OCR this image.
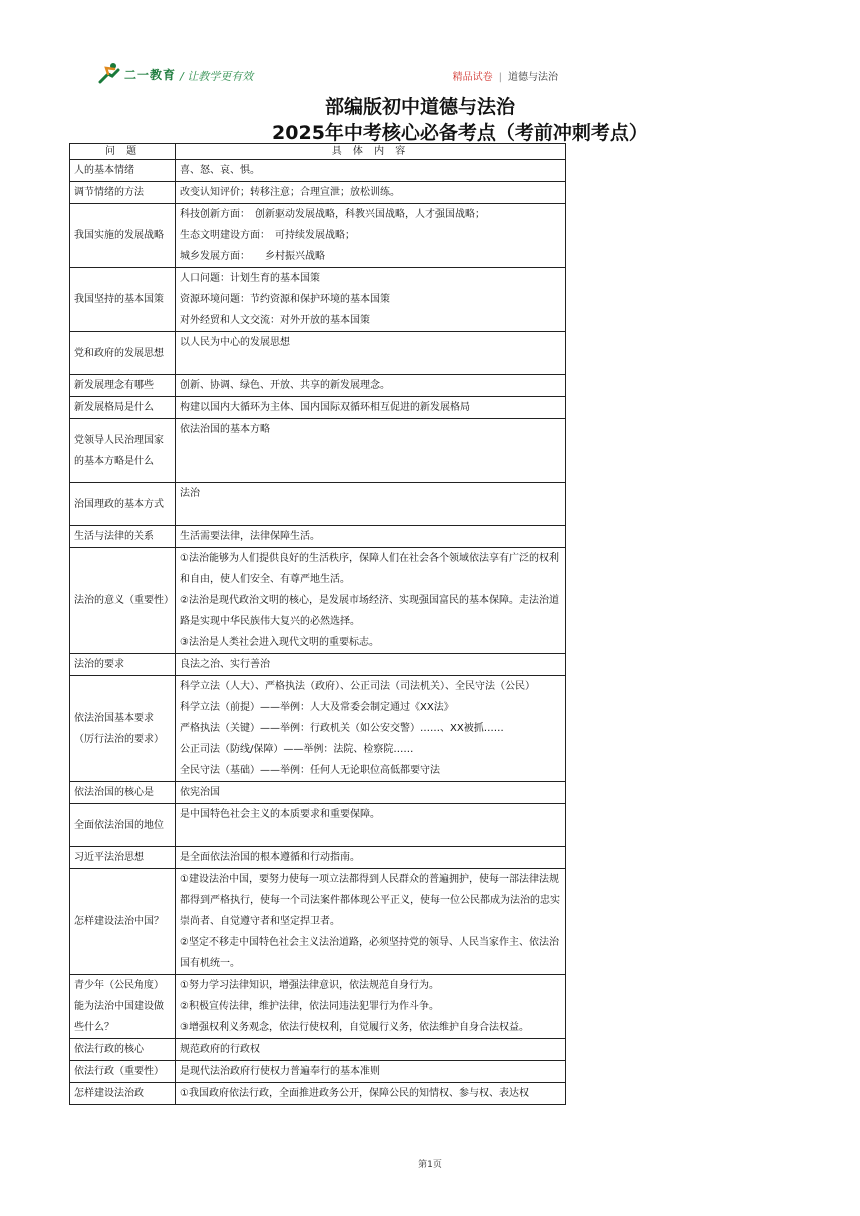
二一教育 / 让教学更有效	精品试卷 | 道德与法治
部编版初中道德与法治
2025年中考核心必备考点（考前冲刺考点）
问 题	具 体 内 容
人的基本情绪	喜、怒、哀、惧。

调节情绪的方法	改变认知评价；转移注意；合理宣泄；放松训练。

我国实施的发展战略	科技创新方面：　创新驱动发展战略，科教兴国战略，人才强国战略；
生态文明建设方面：　可持续发展战略；
城乡发展方面：　　乡村振兴战略

我国坚持的基本国策	人口问题：计划生育的基本国策
资源环境问题：节约资源和保护环境的基本国策
对外经贸和人文交流：对外开放的基本国策

党和政府的发展思想	以人民为中心的发展思想

新发展理念有哪些	创新、协调、绿色、开放、共享的新发展理念。

新发展格局是什么	构建以国内大循环为主体、国内国际双循环相互促进的新发展格局

党领导人民治理国家的基本方略是什么	依法治国的基本方略

治国理政的基本方式	法治

生活与法律的关系	生活需要法律，法律保障生活。

法治的意义（重要性）	①法治能够为人们提供良好的生活秩序，保障人们在社会各个领域依法享有广泛的权利和自由，使人们安全、有尊严地生活。
②法治是现代政治文明的核心，是发展市场经济、实现强国富民的基本保障。走法治道路是实现中华民族伟大复兴的必然选择。
③法治是人类社会进入现代文明的重要标志。

法治的要求	良法之治、实行善治

依法治国基本要求（厉行法治的要求）	科学立法（人大）、严格执法（政府）、公正司法（司法机关）、全民守法（公民）
科学立法（前提）——举例：人大及常委会制定通过《XX法》
严格执法（关键）——举例：行政机关（如公安交警）……、XX被抓……
公正司法（防线/保障）——举例：法院、检察院……
全民守法（基础）——举例：任何人无论职位高低都要守法

依法治国的核心是	依宪治国

全面依法治国的地位	是中国特色社会主义的本质要求和重要保障。

习近平法治思想	是全面依法治国的根本遵循和行动指南。

怎样建设法治中国？	①建设法治中国，要努力使每一项立法都得到人民群众的普遍拥护，使每一部法律法规都得到严格执行，使每一个司法案件都体现公平正义，使每一位公民都成为法治的忠实崇尚者、自觉遵守者和坚定捍卫者。
②坚定不移走中国特色社会主义法治道路，必须坚持党的领导、人民当家作主、依法治国有机统一。

青少年（公民角度）能为法治中国建设做些什么？	①努力学习法律知识，增强法律意识，依法规范自身行为。
②积极宣传法律，维护法律，依法同违法犯罪行为作斗争。
③增强权利义务观念，依法行使权利，自觉履行义务，依法维护自身合法权益。

依法行政的核心	规范政府的行政权

依法行政（重要性）	是现代法治政府行使权力普遍奉行的基本准则

怎样建设法治政	①我国政府依法行政，全面推进政务公开，保障公民的知情权、参与权、表达权
第1页
